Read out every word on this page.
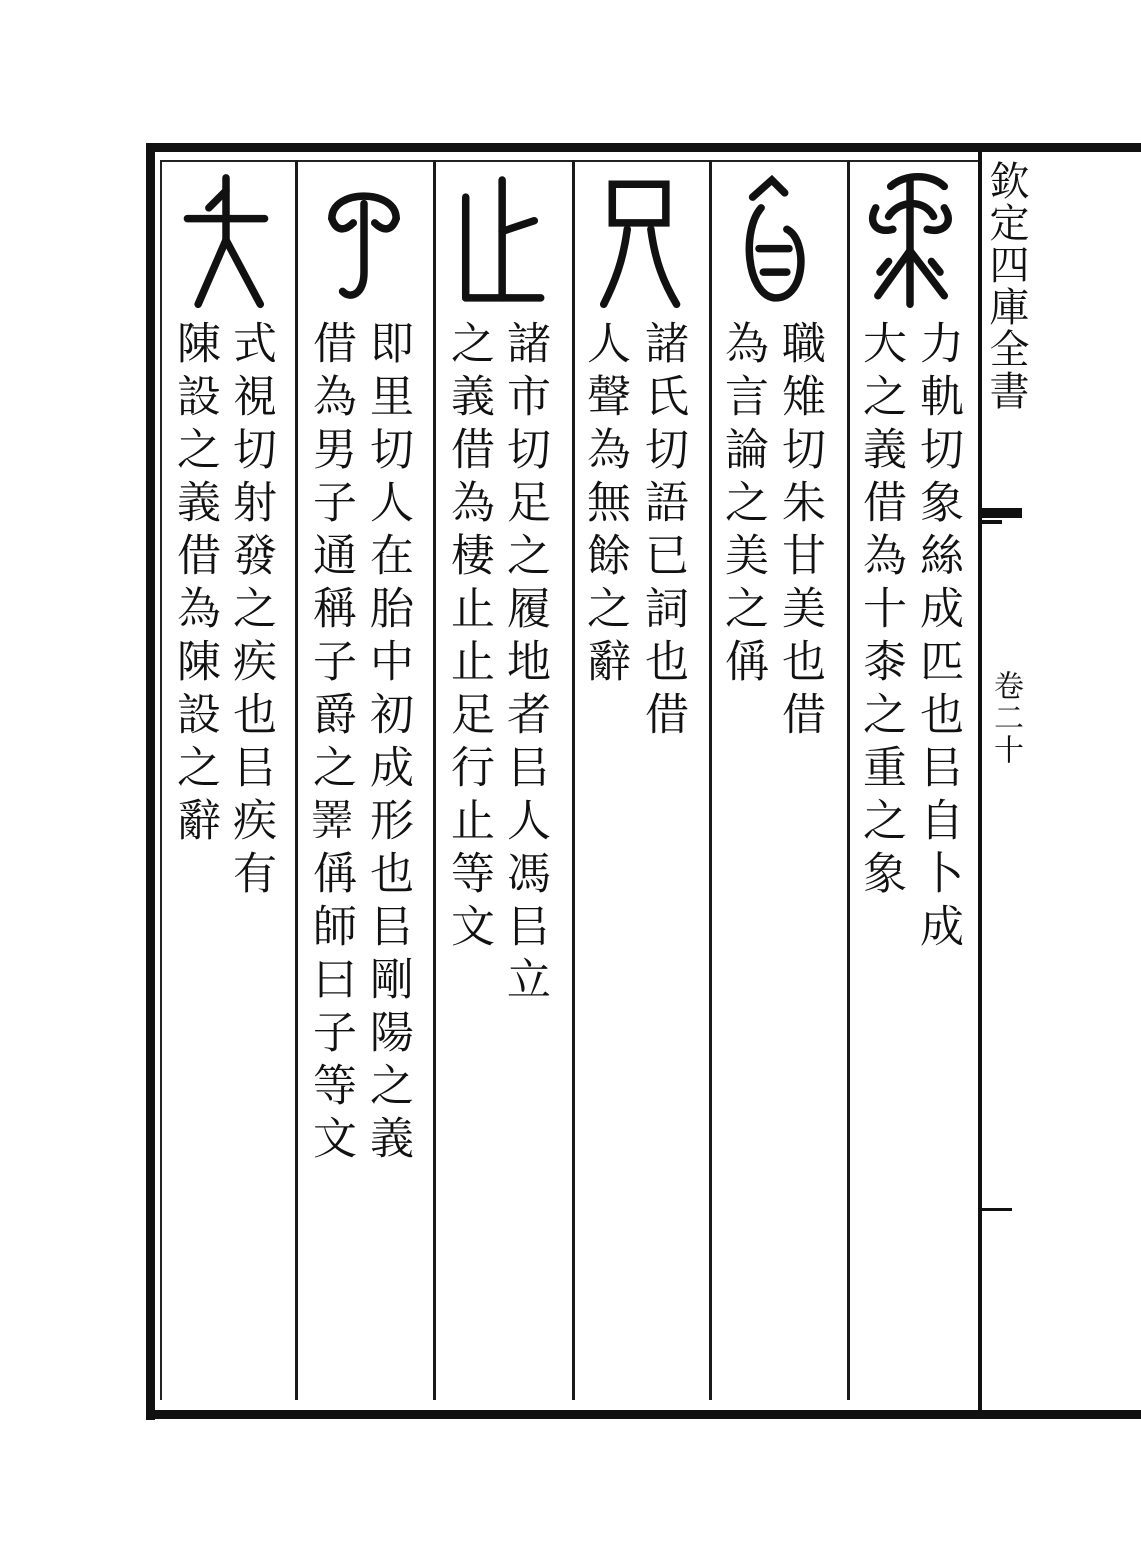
欽定四庫全書
卷二十
力軌切象絲成匹也㠯自卜成
大之義借為十桼之重之象
職雉切朱甘美也借
為言論之美之偁
諸氏切語已詞也借
人聲為無餘之辭
諸市切足之履地者㠯人馮㠯立
之義借為棲止止足行止等文
即里切人在胎中初成形也㠯剛陽之義
借為男子通稱子爵之𢍰偁師曰子等文
式視切射發之疾也㠯疾有
陳設之義借為陳設之辭
